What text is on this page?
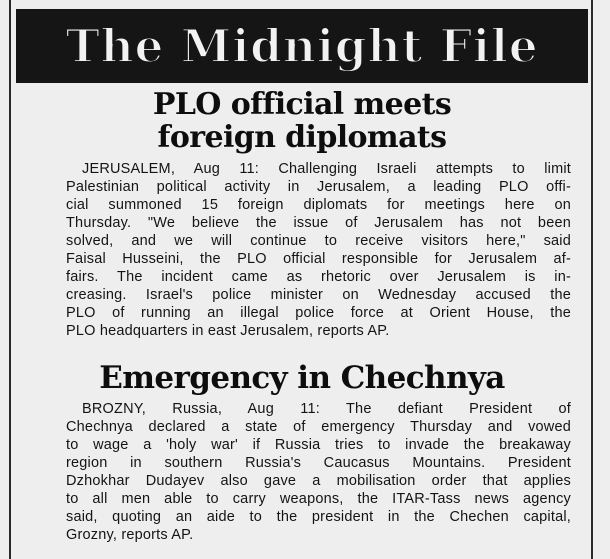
The Midnight File
PLO official meets
foreign diplomats
JERUSALEM, Aug 11: Challenging Israeli attempts to limit
Palestinian political activity in Jerusalem, a leading PLO offi-
cial summoned 15 foreign diplomats for meetings here on
Thursday. "We believe the issue of Jerusalem has not been
solved, and we will continue to receive visitors here," said
Faisal Husseini, the PLO official responsible for Jerusalem af-
fairs. The incident came as rhetoric over Jerusalem is in-
creasing. Israel's police minister on Wednesday accused the
PLO of running an illegal police force at Orient House, the
PLO headquarters in east Jerusalem, reports AP.
Emergency in Chechnya
BROZNY, Russia, Aug 11: The defiant President of
Chechnya declared a state of emergency Thursday and vowed
to wage a 'holy war' if Russia tries to invade the breakaway
region in southern Russia's Caucasus Mountains. President
Dzhokhar Dudayev also gave a mobilisation order that applies
to all men able to carry weapons, the ITAR-Tass news agency
said, quoting an aide to the president in the Chechen capital,
Grozny, reports AP.
